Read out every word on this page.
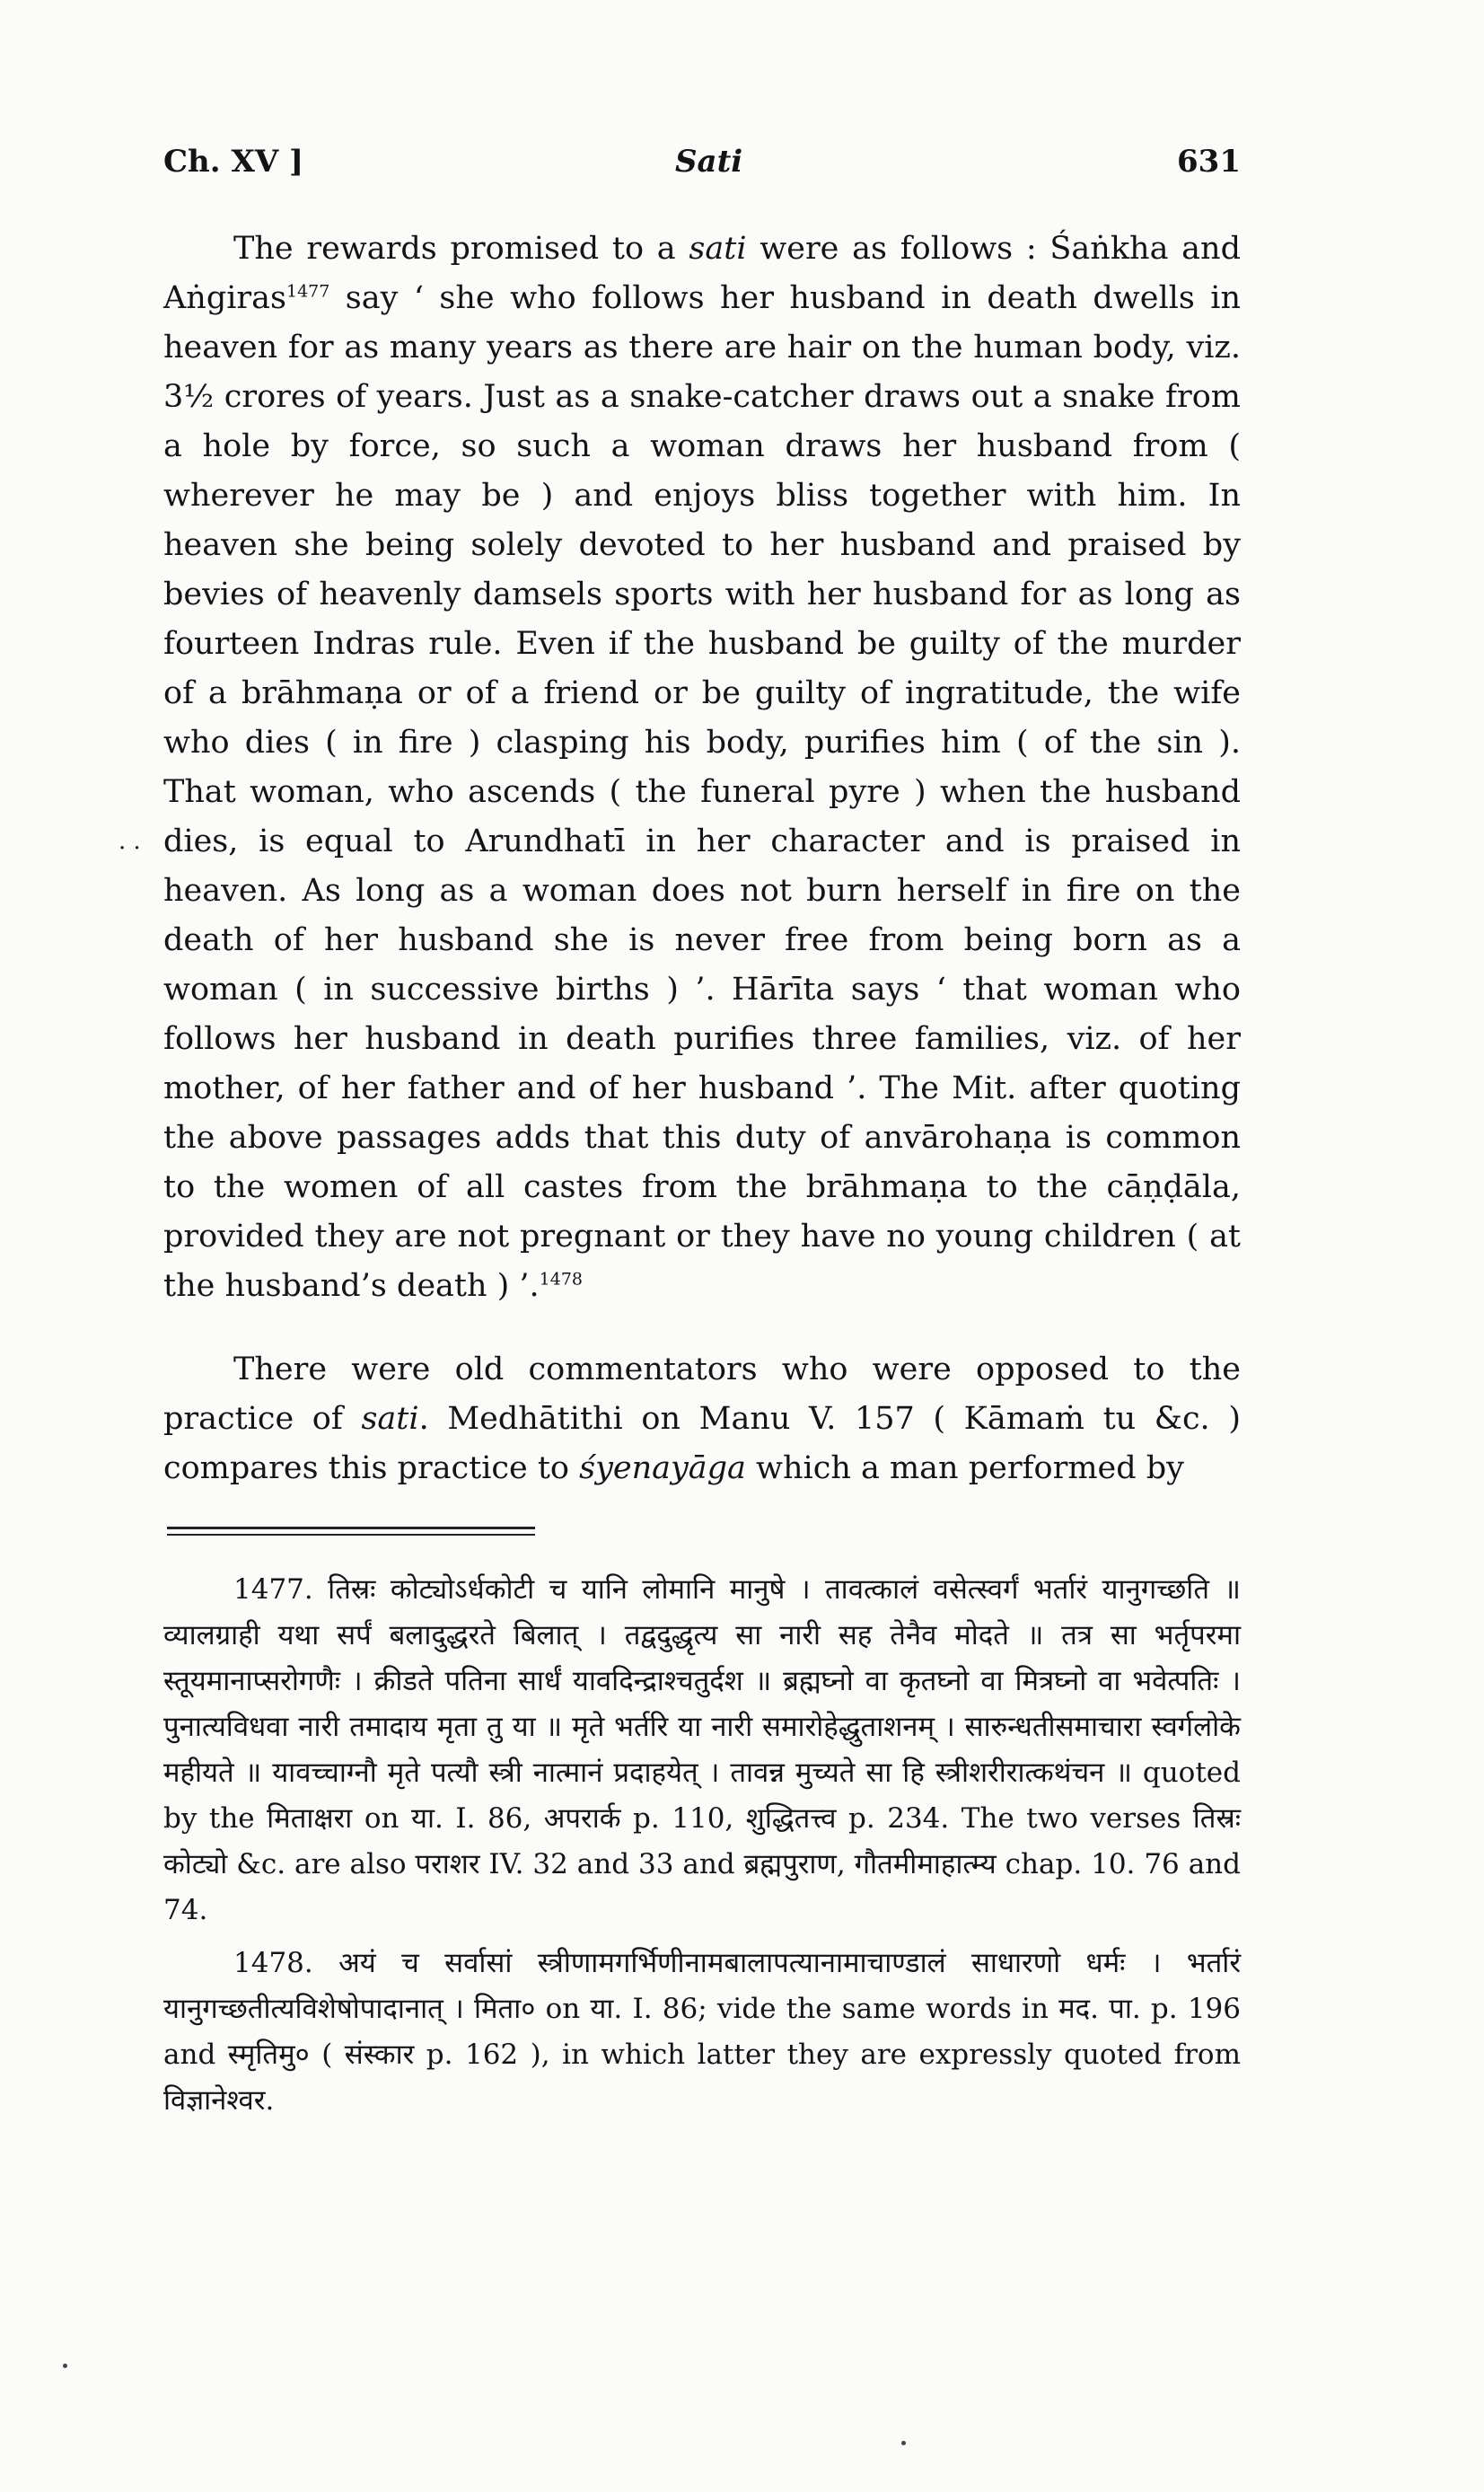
Ch. XV ]	Sati	631
· ·

The rewards promised to a sati were as follows : Śaṅkha and Aṅgiras$^{1477}$ say ‘ she who follows her husband in death dwells in heaven for as many years as there are hair on the human body, viz. 3½ crores of years. Just as a snake-catcher draws out a snake from a hole by force, so such a woman draws her husband from ( wherever he may be ) and enjoys bliss together with him. In heaven she being solely devoted to her husband and praised by bevies of heavenly damsels sports with her husband for as long as fourteen Indras rule. Even if the husband be guilty of the murder of a brāhmaṇa or of a friend or be guilty of ingratitude, the wife who dies ( in fire ) clasping his body, purifies him ( of the sin ). That woman, who ascends ( the funeral pyre ) when the husband dies, is equal to Arundhatī in her character and is praised in heaven. As long as a woman does not burn herself in fire on the death of her husband she is never free from being born as a woman ( in successive births ) ’. Hārīta says ‘ that woman who follows her husband in death purifies three families, viz. of her mother, of her father and of her husband ’. The Mit. after quoting the above passages adds that this duty of anvārohaṇa is common to the women of all castes from the brāhmaṇa to the cāṇḍāla, provided they are not pregnant or they have no young children ( at the husband’s death ) ’.$^{1478}$

There were old commentators who were opposed to the practice of sati. Medhātithi on Manu V. 157 ( Kāmaṁ tu &c. ) compares this practice to śyenayāga which a man performed by

1477. तिस्रः कोट्योऽर्धकोटी च यानि लोमानि मानुषे । तावत्कालं वसेत्स्वर्गं भर्तारं यानुगच्छति ॥ व्यालग्राही यथा सर्पं बलादुद्धरते बिलात् । तद्वदुद्धृत्य सा नारी सह तेनैव मोदते ॥ तत्र सा भर्तृपरमा स्तूयमानाप्सरोगणैः । क्रीडते पतिना सार्धं यावदिन्द्राश्चतुर्दश ॥ ब्रह्मघ्नो वा कृतघ्नो वा मित्रघ्नो वा भवेत्पतिः । पुनात्यविधवा नारी तमादाय मृता तु या ॥ मृते भर्तरि या नारी समारोहेद्धुताशनम् । सारुन्धतीसमाचारा स्वर्गलोके महीयते ॥ यावच्चाग्नौ मृते पत्यौ स्त्री नात्मानं प्रदाहयेत् । तावन्न मुच्यते सा हि स्त्रीशरीरात्कथंचन ॥ quoted by the मिताक्षरा on या. I. 86, अपरार्क p. 110, शुद्धितत्त्व p. 234. The two verses तिस्रः कोट्यो &c. are also पराशर IV. 32 and 33 and ब्रह्मपुराण, गौतमीमाहात्म्य chap. 10. 76 and 74.

1478. अयं च सर्वासां स्त्रीणामगर्भिणीनामबालापत्यानामाचाण्डालं साधारणो धर्मः । भर्तारं यानुगच्छतीत्यविशेषोपादानात् । मिता० on या. I. 86; vide the same words in मद. पा. p. 196 and स्मृतिमु० ( संस्कार p. 162 ), in which latter they are expressly quoted from विज्ञानेश्वर.
